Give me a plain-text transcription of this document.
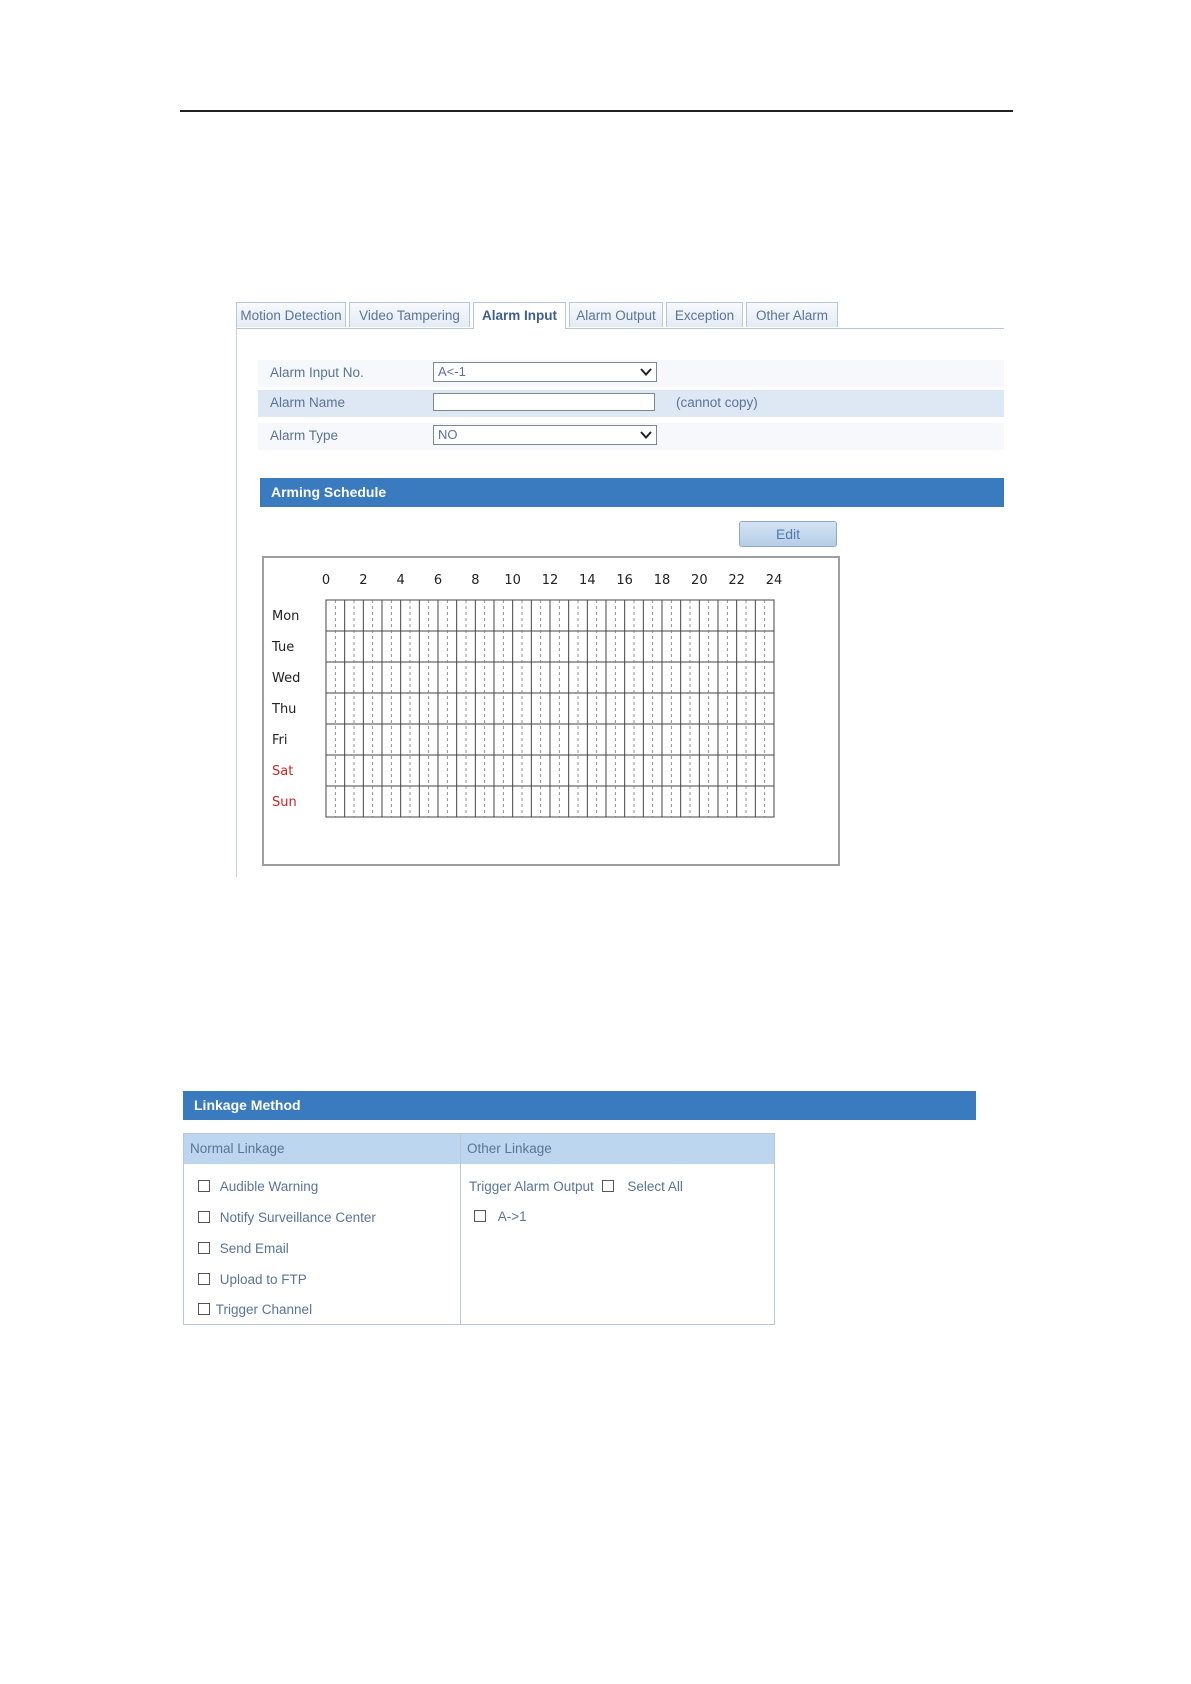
Motion Detection	Video Tampering	Alarm Input	Alarm Output	Exception	Other Alarm
Alarm Input No.	A<-1
Alarm Name	(cannot copy)
Alarm Type	NO
Arming Schedule
Edit
0 2 4 6 8 10 12 14 16 18 20 22 24
Mon
Tue
Wed
Thu
Fri
Sat
Sun
Linkage Method
Normal Linkage	Other Linkage
Audible Warning
Notify Surveillance Center
Send Email
Upload to FTP
Trigger Channel
Trigger Alarm Output Select All
A->1
